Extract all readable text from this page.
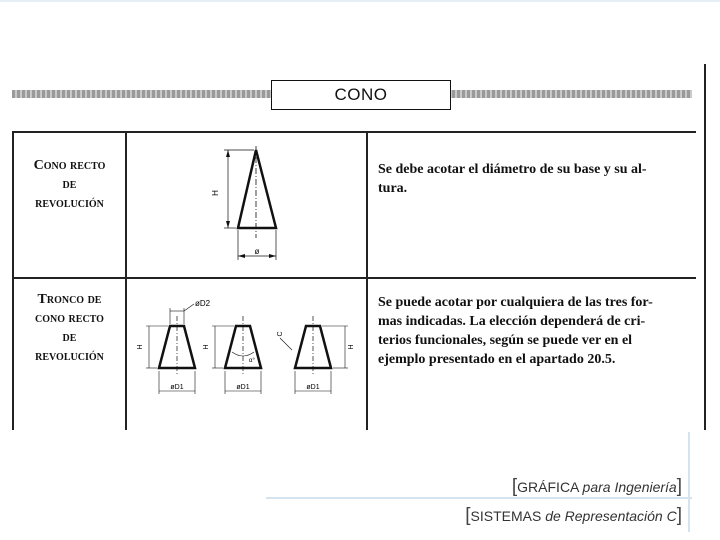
CONO
Cono recto
de
revolución
H
ø
Se debe acotar el diámetro de su base y su al-
tura.
Tronco de
cono recto
de
revolución
øD2
H
øD1
H
α°
øD1
H
C
øD1
Se puede acotar por cualquiera de las tres for-
mas indicadas. La elección dependerá de cri-
terios funcionales, según se puede ver en el
ejemplo presentado en el apartado 20.5.
[GRÁFICA para Ingeniería]
[SISTEMAS de Representación C]
